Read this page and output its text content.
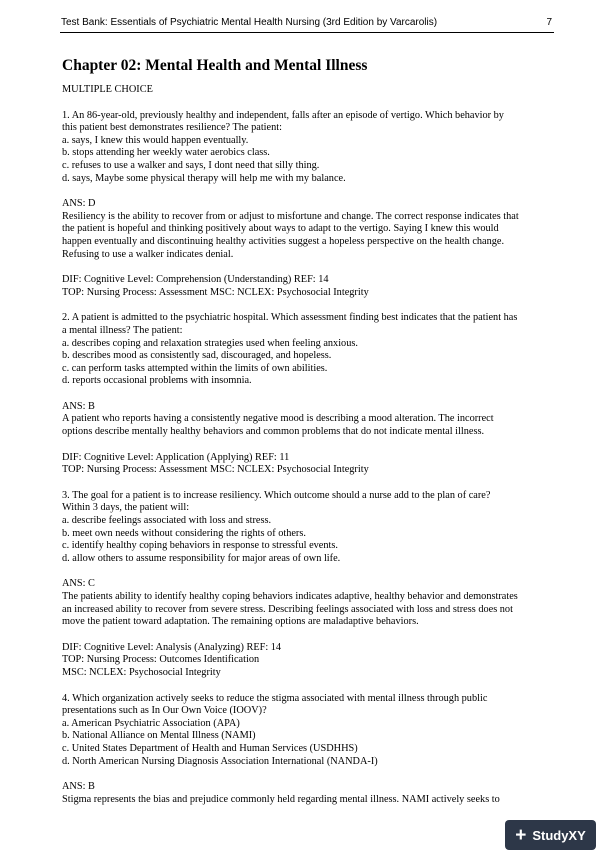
Test Bank: Essentials of Psychiatric Mental Health Nursing (3rd Edition by Varcarolis)	7
Chapter 02: Mental Health and Mental Illness

MULTIPLE CHOICE

1. An 86-year-old, previously healthy and independent, falls after an episode of vertigo. Which behavior by
this patient best demonstrates resilience? The patient:
a. says, I knew this would happen eventually.
b. stops attending her weekly water aerobics class.
c. refuses to use a walker and says, I dont need that silly thing.
d. says, Maybe some physical therapy will help me with my balance.
ANS: D
Resiliency is the ability to recover from or adjust to misfortune and change. The correct response indicates that
the patient is hopeful and thinking positively about ways to adapt to the vertigo. Saying I knew this would
happen eventually and discontinuing healthy activities suggest a hopeless perspective on the health change.
Refusing to use a walker indicates denial.
DIF: Cognitive Level: Comprehension (Understanding) REF: 14
TOP: Nursing Process: Assessment MSC: NCLEX: Psychosocial Integrity
2. A patient is admitted to the psychiatric hospital. Which assessment finding best indicates that the patient has
a mental illness? The patient:
a. describes coping and relaxation strategies used when feeling anxious.
b. describes mood as consistently sad, discouraged, and hopeless.
c. can perform tasks attempted within the limits of own abilities.
d. reports occasional problems with insomnia.
ANS: B
A patient who reports having a consistently negative mood is describing a mood alteration. The incorrect
options describe mentally healthy behaviors and common problems that do not indicate mental illness.
DIF: Cognitive Level: Application (Applying) REF: 11
TOP: Nursing Process: Assessment MSC: NCLEX: Psychosocial Integrity
3. The goal for a patient is to increase resiliency. Which outcome should a nurse add to the plan of care?
Within 3 days, the patient will:
a. describe feelings associated with loss and stress.
b. meet own needs without considering the rights of others.
c. identify healthy coping behaviors in response to stressful events.
d. allow others to assume responsibility for major areas of own life.
ANS: C
The patients ability to identify healthy coping behaviors indicates adaptive, healthy behavior and demonstrates
an increased ability to recover from severe stress. Describing feelings associated with loss and stress does not
move the patient toward adaptation. The remaining options are maladaptive behaviors.
DIF: Cognitive Level: Analysis (Analyzing) REF: 14
TOP: Nursing Process: Outcomes Identification
MSC: NCLEX: Psychosocial Integrity
4. Which organization actively seeks to reduce the stigma associated with mental illness through public
presentations such as In Our Own Voice (IOOV)?
a. American Psychiatric Association (APA)
b. National Alliance on Mental Illness (NAMI)
c. United States Department of Health and Human Services (USDHHS)
d. North American Nursing Diagnosis Association International (NANDA-I)
ANS: B
Stigma represents the bias and prejudice commonly held regarding mental illness. NAMI actively seeks to
+ StudyXY
